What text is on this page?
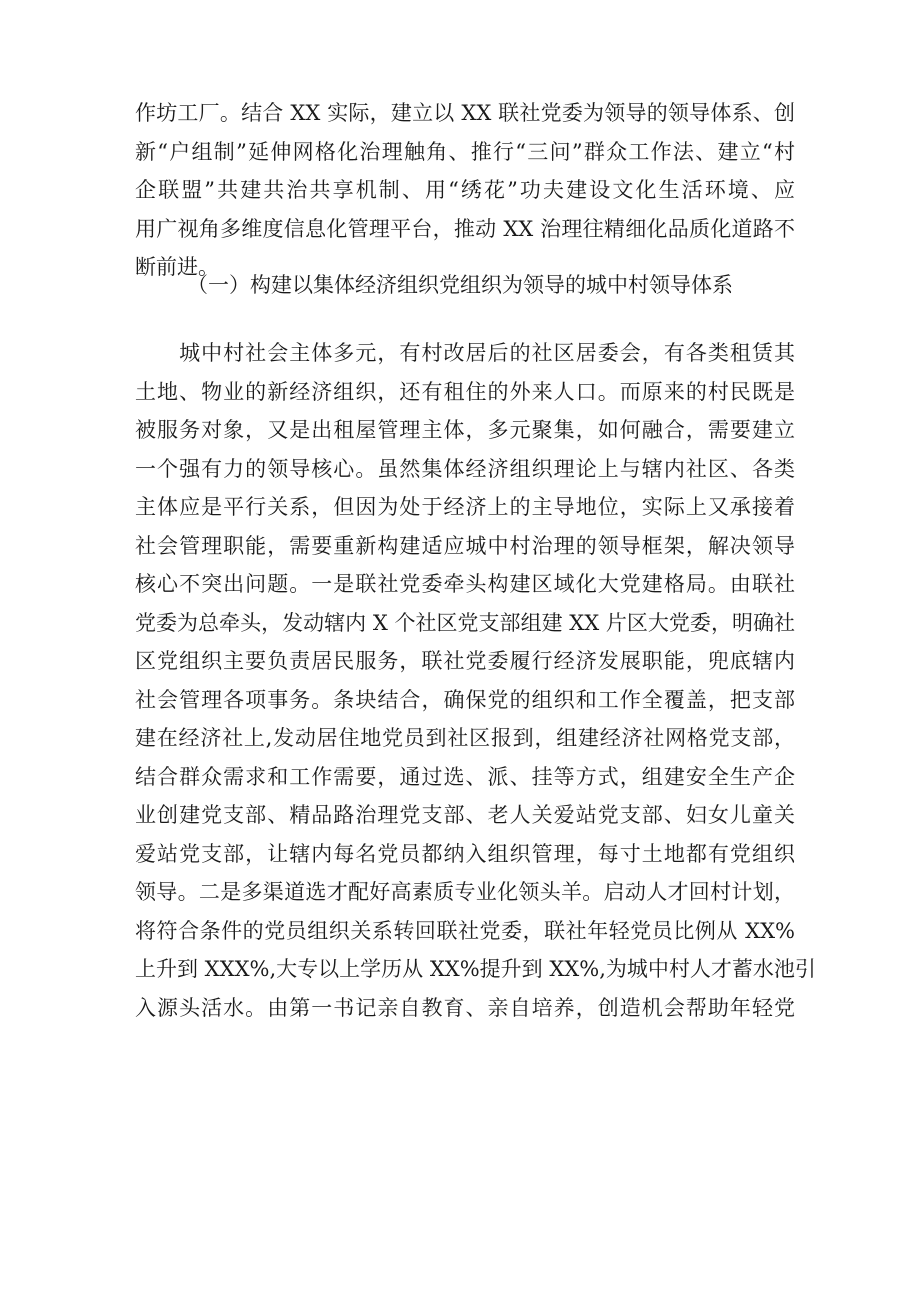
作坊工厂。结合 XX 实际，建立以 XX 联社党委为领导的领导体系、创
新“户组制”延伸网格化治理触角、推行“三问”群众工作法、建立“村
企联盟”共建共治共享机制、用“绣花”功夫建设文化生活环境、应
用广视角多维度信息化管理平台，推动 XX 治理往精细化品质化道路不
断前进。
（一）构建以集体经济组织党组织为领导的城中村领导体系
　　城中村社会主体多元，有村改居后的社区居委会，有各类租赁其
土地、物业的新经济组织，还有租住的外来人口。而原来的村民既是
被服务对象，又是出租屋管理主体，多元聚集，如何融合，需要建立
一个强有力的领导核心。虽然集体经济组织理论上与辖内社区、各类
主体应是平行关系，但因为处于经济上的主导地位，实际上又承接着
社会管理职能，需要重新构建适应城中村治理的领导框架，解决领导
核心不突出问题。一是联社党委牵头构建区域化大党建格局。由联社
党委为总牵头，发动辖内 X 个社区党支部组建 XX 片区大党委，明确社
区党组织主要负责居民服务，联社党委履行经济发展职能，兜底辖内
社会管理各项事务。条块结合，确保党的组织和工作全覆盖，把支部
建在经济社上,发动居住地党员到社区报到，组建经济社网格党支部，
结合群众需求和工作需要，通过选、派、挂等方式，组建安全生产企
业创建党支部、精品路治理党支部、老人关爱站党支部、妇女儿童关
爱站党支部，让辖内每名党员都纳入组织管理，每寸土地都有党组织
领导。二是多渠道选才配好高素质专业化领头羊。启动人才回村计划，
将符合条件的党员组织关系转回联社党委，联社年轻党员比例从 XX%
上升到 XXX%,大专以上学历从 XX%提升到 XX%,为城中村人才蓄水池引
入源头活水。由第一书记亲自教育、亲自培养，创造机会帮助年轻党
